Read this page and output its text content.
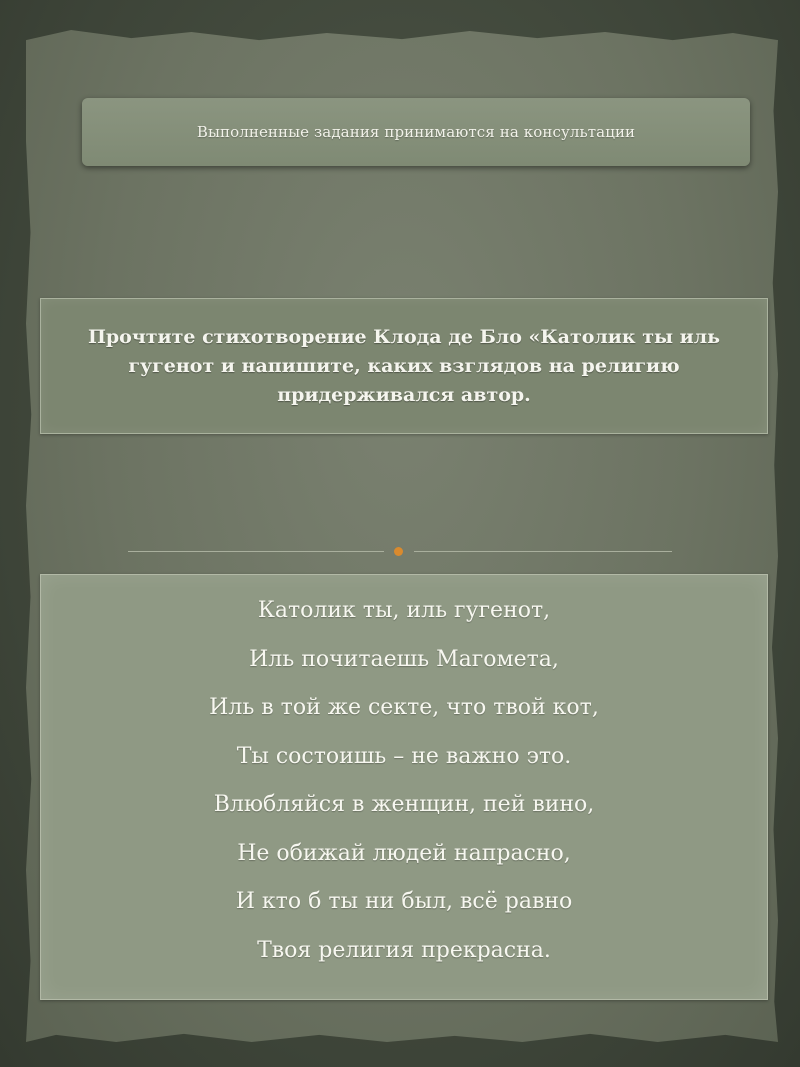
Выполненные задания принимаются на консультации
Прочтите стихотворение Клода де Бло «Католик ты иль гугенот и напишите, каких взглядов на религию придерживался автор.
Католик ты, иль гугенот,
Иль почитаешь Магомета,
Иль в той же секте, что твой кот,
Ты состоишь – не важно это.
Влюбляйся в женщин, пей вино,
Не обижай людей напрасно,
И кто б ты ни был, всё равно
Твоя религия прекрасна.
